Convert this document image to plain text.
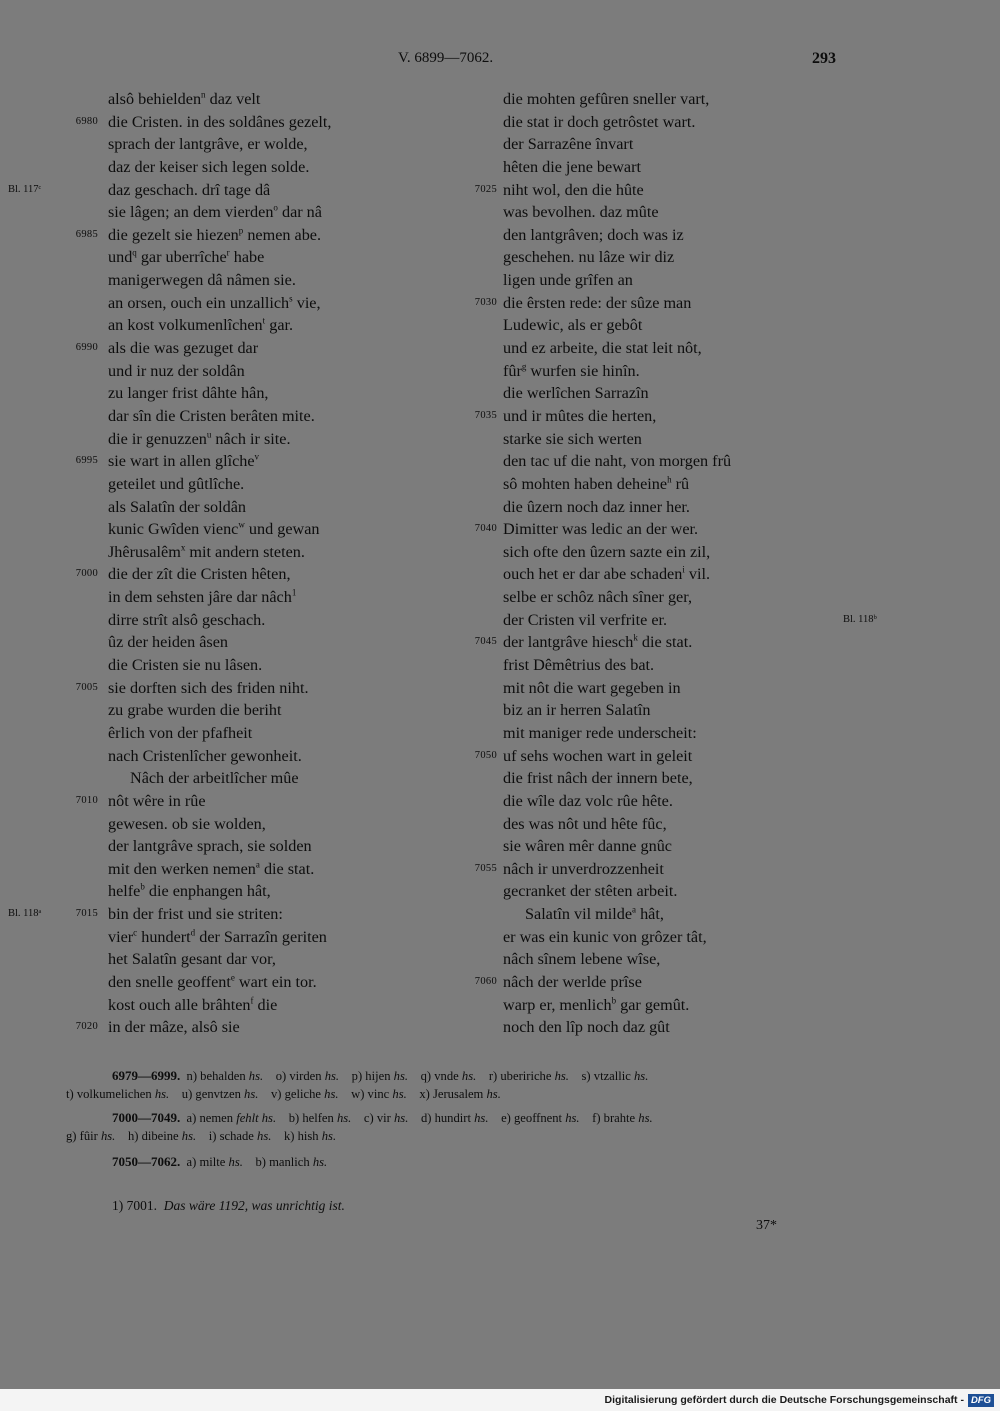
V. 6899—7062.	293
alsô behielden$^n$ daz velt
6980 die Cristen. in des soldânes gezelt,
sprach der lantgrâve, er wolde,
daz der keiser sich legen solde.
Bl. 117ᶜ	daz geschach. drî tage dâ
sie lâgen; an dem vierden$^o$ dar nâ
6985 die gezelt sie hiezen$^p$ nemen abe.
und$^q$ gar uberrîche$^r$ habe
manigerwegen dâ nâmen sie.
an orsen, ouch ein unzallich$^s$ vie,
an kost volkumenlîchen$^t$ gar.
6990 als die was gezuget dar
und ir nuz der soldân
zu langer frist dâhte hân,
dar sîn die Cristen berâten mite.
die ir genuzzen$^u$ nâch ir site.
6995 sie wart in allen glîche$^v$
geteilet und gûtlîche.
als Salatîn der soldân
kunic Gwîden vienc$^w$ und gewan
Jhêrusalêm$^x$ mit andern steten.
7000 die der zît die Cristen hêten,
in dem sehsten jâre dar nâch$^1$
dirre strît alsô geschach.
ûz der heiden âsen
die Cristen sie nu lâsen.
7005 sie dorften sich des friden niht.
zu grabe wurden die beriht
êrlich von der pfafheit
nach Cristenlîcher gewonheit.
Nâch der arbeitlîcher mûe
7010 nôt wêre in rûe
gewesen. ob sie wolden,
der lantgrâve sprach, sie solden
mit den werken nemen$^a$ die stat.
helfe$^b$ die enphangen hât,
7015
Bl. 118ᵃ	bin der frist und sie striten:
vier$^c$ hundert$^d$ der Sarrazîn geriten
het Salatîn gesant dar vor,
den snelle geoffent$^e$ wart ein tor.
kost ouch alle brâhten$^f$ die
7020 in der mâze, alsô sie
die mohten gefûren sneller vart,
die stat ir doch getrôstet wart.
der Sarrazêne învart
hêten die jene bewart
7025 niht wol, den die hûte
was bevolhen. daz mûte
den lantgrâven; doch was iz
geschehen. nu lâze wir diz
ligen unde grîfen an
7030 die êrsten rede: der sûze man
Ludewic, als er gebôt
und ez arbeite, die stat leit nôt,
fûr$^g$ wurfen sie hinîn.
die werlîchen Sarrazîn
7035 und ir mûtes die herten,
starke sie sich werten
den tac uf die naht, von morgen frû
sô mohten haben deheine$^h$ rû
die ûzern noch daz inner her.
7040 Dimitter was ledic an der wer.
sich ofte den ûzern sazte ein zil,
ouch het er dar abe schaden$^i$ vil.
selbe er schôz nâch sîner ger,
Bl. 118ᵇ
der Cristen vil verfrite er.
7045 der lantgrâve hiesch$^k$ die stat.
frist Dêmêtrius des bat.
mit nôt die wart gegeben in
biz an ir herren Salatîn
mit maniger rede underscheit:
7050 uf sehs wochen wart in geleit
die frist nâch der innern bete,
die wîle daz volc rûe hête.
des was nôt und hête fûc,
sie wâren mêr danne gnûc
7055 nâch ir unverdrozzenheit
gecranket der stêten arbeit.
Salatîn vil milde$^a$ hât,
er was ein kunic von grôzer tât,
nâch sînem lebene wîse,
7060 nâch der werlde prîse
warp er, menlich$^b$ gar gemût.
noch den lîp noch daz gût
6979—6999. n) behalden hs.    o) virden hs.    p) hijen hs.    q) vnde hs.    r) ubeririche hs.    s) vtzallic hs.
t) volkumelichen hs.    u) genvtzen hs.    v) geliche hs.    w) vinc hs.    x) Jerusalem hs.
7000—7049. a) nemen fehlt hs.    b) helfen hs.    c) vir hs.    d) hundirt hs.    e) geoffnent hs.    f) brahte hs.
g) fûir hs.    h) dibeine hs.    i) schade hs.    k) hish hs.
7050—7062. a) milte hs.    b) manlich hs.
1) 7001. Das wäre 1192, was unrichtig ist.
37*
Digitalisierung gefördert durch die Deutsche Forschungsgemeinschaft - DFG
